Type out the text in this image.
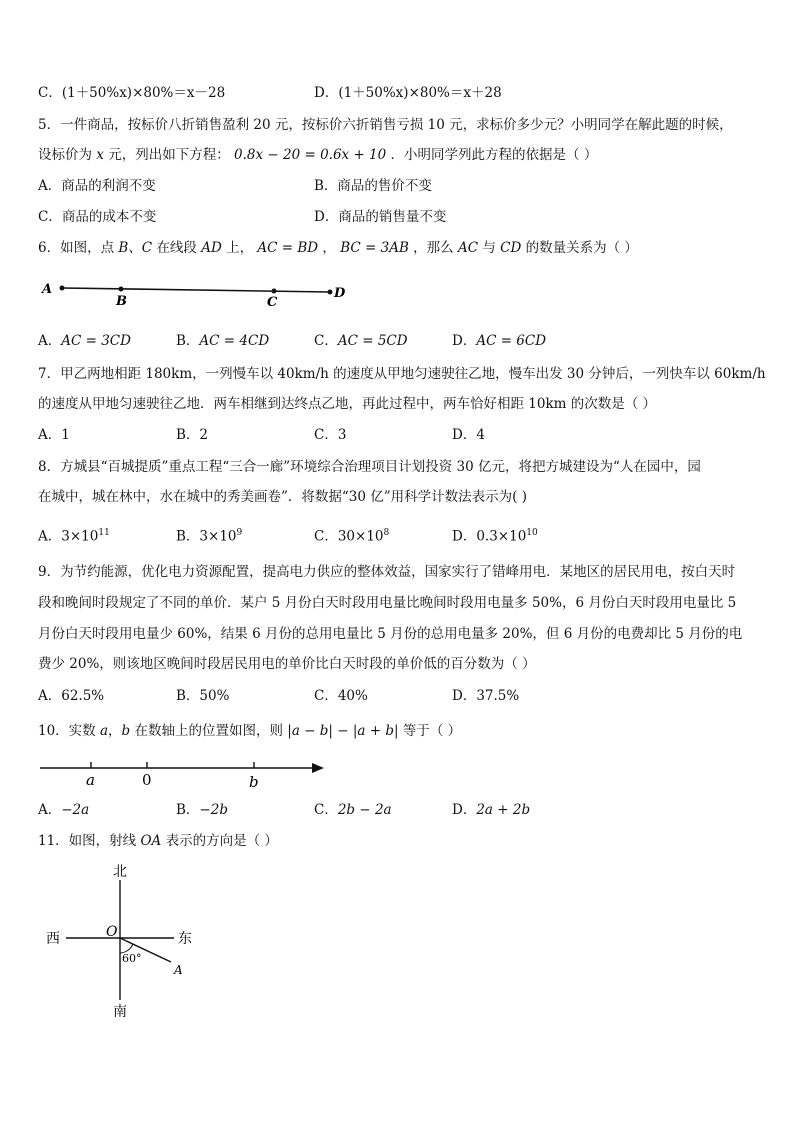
C．(1＋50%x)×80%＝x－28	D．(1＋50%x)×80%＝x＋28
5．一件商品，按标价八折销售盈利 20 元，按标价六折销售亏损 10 元，求标价多少元？小明同学在解此题的时候，
设标价为 x 元，列出如下方程： 0.8x − 20 = 0.6x + 10 ．小明同学列此方程的依据是（ ）
A．商品的利润不变	B．商品的售价不变
C．商品的成本不变	D．商品的销售量不变
6．如图，点 B、C 在线段 AD 上， AC = BD ， BC = 3AB ，那么 AC 与 CD 的数量关系为（ ）
A
B	C
D
A．AC = 3CD	B．AC = 4CD	C．AC = 5CD	D．AC = 6CD
7．甲乙两地相距 180km，一列慢车以 40km/h 的速度从甲地匀速驶往乙地，慢车出发 30 分钟后，一列快车以 60km/h
的速度从甲地匀速驶往乙地．两车相继到达终点乙地，再此过程中，两车恰好相距 10km 的次数是（ ）
A．1	B．2	C．3	D．4
8．方城县“百城提质”重点工程“三合一廊”环境综合治理项目计划投资 30 亿元，将把方城建设为“人在园中，园
在城中，城在林中，水在城中的秀美画卷”．将数据“30 亿”用科学计数法表示为( )
A．$3\times 10^{11}$	B．$3\times 10^9$	C．$30\times 10^8$	D．$0.3\times 10^{10}$
9．为节约能源，优化电力资源配置，提高电力供应的整体效益，国家实行了错峰用电．某地区的居民用电，按白天时
段和晚间时段规定了不同的单价．某户 5 月份白天时段用电量比晚间时段用电量多 50%，6 月份白天时段用电量比 5
月份白天时段用电量少 60%，结果 6 月份的总用电量比 5 月份的总用电量多 20%，但 6 月份的电费却比 5 月份的电
费少 20%，则该地区晚间时段居民用电的单价比白天时段的单价低的百分数为（ ）
A．62.5%	B．50%	C．40%	D．37.5%
10．实数 a，b 在数轴上的位置如图，则 |a − b| − |a + b| 等于（ ）
a	0	b
A．−2a	B．−2b	C．2b − 2a	D．2a + 2b
11．如图，射线 OA 表示的方向是（ ）
北
南
西	东
O
A
60°
